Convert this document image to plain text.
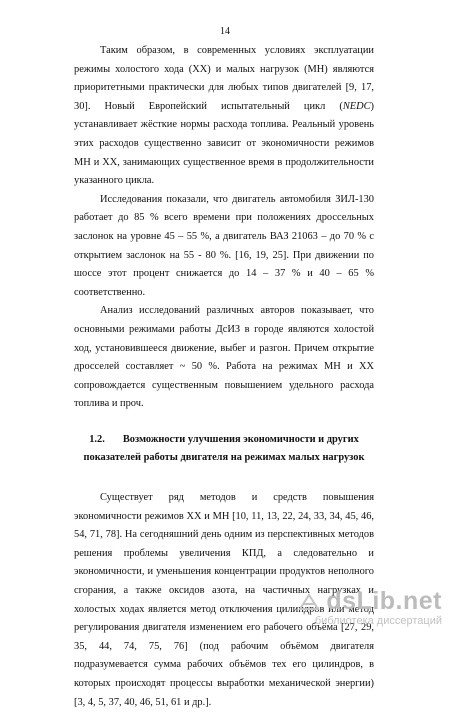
14

Таким образом, в современных условиях эксплуатации режимы холостого хода (ХХ) и малых нагрузок (МН) являются приоритетными практически для любых типов двигателей [9, 17, 30]. Новый Европейский испытательный цикл (NEDC) устанавливает жёсткие нормы расхода топлива. Реальный уровень этих расходов существенно зависит от экономичности режимов МН и ХХ, занимающих существенное время в продолжительности указанного цикла.

Исследования показали, что двигатель автомобиля ЗИЛ-130 работает до 85 % всего времени при положениях дроссельных заслонок на уровне 45 – 55 %, а двигатель ВАЗ 21063 – до 70 % с открытием заслонок на 55 - 80 %. [16, 19, 25]. При движении по шоссе этот процент снижается до 14 – 37 % и 40 – 65 % соответственно.

Анализ исследований различных авторов показывает, что основными режимами работы ДсИЗ в городе являются холостой ход, установившееся движение, выбег и разгон. Причем открытие дросселей составляет ~ 50 %. Работа на режимах МН и ХХ сопровождается существенным повышением удельного расхода топлива и проч.

1.2. Возможности улучшения экономичности и других
показателей работы двигателя на режимах малых нагрузок

Существует ряд методов и средств повышения экономичности режимов ХХ и МН [10, 11, 13, 22, 24, 33, 34, 45, 46, 54, 71, 78]. На сегодняшний день одним из перспективных методов решения проблемы увеличения КПД, а следовательно и экономичности, и уменьшения концентрации продуктов неполного сгорания, а также оксидов азота, на частичных нагрузках и холостых ходах является метод отключения цилиндров или метод регулирования двигателя изменением его рабочего объёма [27, 29, 35, 44, 74, 75, 76] (под рабочим объёмом двигателя подразумевается сумма рабочих объёмов тех его цилиндров, в которых происходят процессы выработки механической энергии) [3, 4, 5, 37, 40, 46, 51, 61 и др.].

dsLib.net
библиотека диссертаций
